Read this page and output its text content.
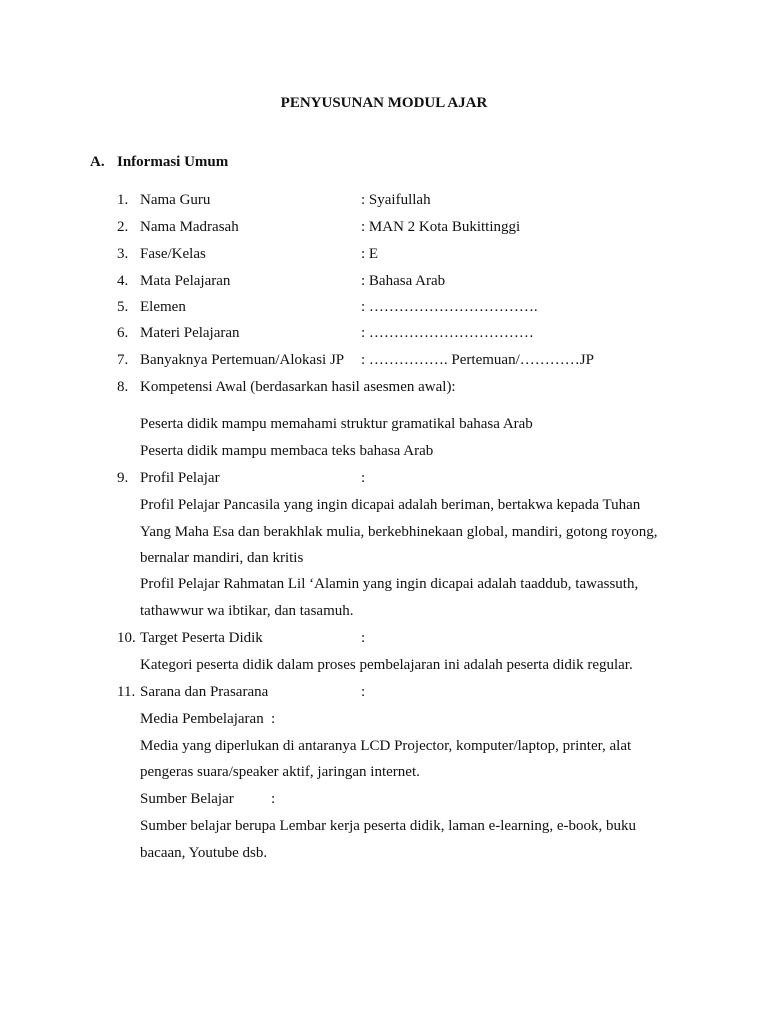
PENYUSUNAN MODUL AJAR
A. Informasi Umum
1. Nama Guru	: Syaifullah
2. Nama Madrasah	: MAN 2 Kota Bukittinggi
3. Fase/Kelas	: E
4. Mata Pelajaran	: Bahasa Arab
5. Elemen	: …………………………….
6. Materi Pelajaran	: ……………………………
7. Banyaknya Pertemuan/Alokasi JP : ……………. Pertemuan/…………JP
8. Kompetensi Awal (berdasarkan hasil asesmen awal):
Peserta didik mampu memahami struktur gramatikal bahasa Arab
Peserta didik mampu membaca teks bahasa Arab
9. Profil Pelajar	:
Profil Pelajar Pancasila yang ingin dicapai adalah beriman, bertakwa kepada Tuhan
Yang Maha Esa dan berakhlak mulia, berkebhinekaan global, mandiri, gotong royong,
bernalar mandiri, dan kritis
Profil Pelajar Rahmatan Lil ‘Alamin yang ingin dicapai adalah taaddub, tawassuth,
tathawwur wa ibtikar, dan tasamuh.
10. Target Peserta Didik	:
Kategori peserta didik dalam proses pembelajaran ini adalah peserta didik regular.
11. Sarana dan Prasarana	:
Media Pembelajaran :
Media yang diperlukan di antaranya LCD Projector, komputer/laptop, printer, alat
pengeras suara/speaker aktif, jaringan internet.
Sumber Belajar :
Sumber belajar berupa Lembar kerja peserta didik, laman e-learning, e-book, buku
bacaan, Youtube dsb.
